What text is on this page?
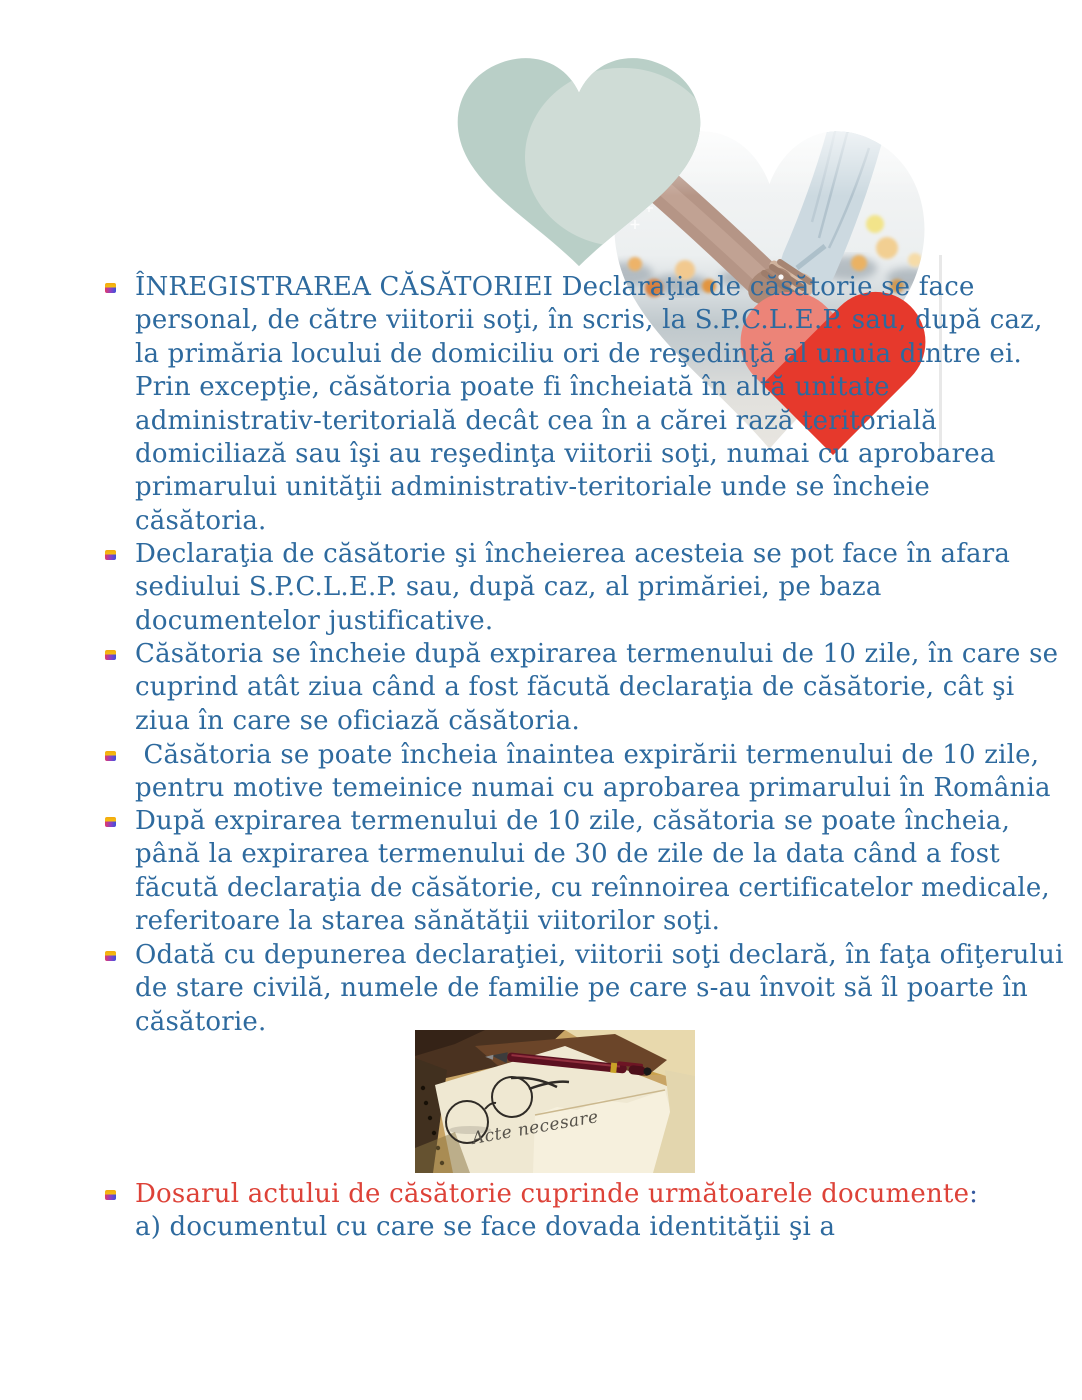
Acte necesare
ÎNREGISTRAREA CĂSĂTORIEI Declaraţia de căsătorie se face
personal, de către viitorii soţi, în scris, la S.P.C.L.E.P. sau, după caz,
la primăria locului de domiciliu ori de reşedinţă al unuia dintre ei.
Prin excepţie, căsătoria poate fi încheiată în altă unitate
administrativ-teritorială decât cea în a cărei rază teritorială
domiciliază sau îşi au reşedinţa viitorii soţi, numai cu aprobarea
primarului unităţii administrativ-teritoriale unde se încheie
căsătoria.
Declaraţia de căsătorie şi încheierea acesteia se pot face în afara
sediului S.P.C.L.E.P. sau, după caz, al primăriei, pe baza
documentelor justificative.
Căsătoria se încheie după expirarea termenului de 10 zile, în care se
cuprind atât ziua când a fost făcută declaraţia de căsătorie, cât şi
ziua în care se oficiază căsătoria.
Căsătoria se poate încheia înaintea expirării termenului de 10 zile,
pentru motive temeinice numai cu aprobarea primarului în România
După expirarea termenului de 10 zile, căsătoria se poate încheia,
până la expirarea termenului de 30 de zile de la data când a fost
făcută declaraţia de căsătorie, cu reînnoirea certificatelor medicale,
referitoare la starea sănătăţii viitorilor soţi.
Odată cu depunerea declaraţiei, viitorii soţi declară, în faţa ofiţerului
de stare civilă, numele de familie pe care s-au învoit să îl poarte în
căsătorie.
Dosarul actului de căsătorie cuprinde următoarele documente:
a) documentul cu care se face dovada identităţii şi a
